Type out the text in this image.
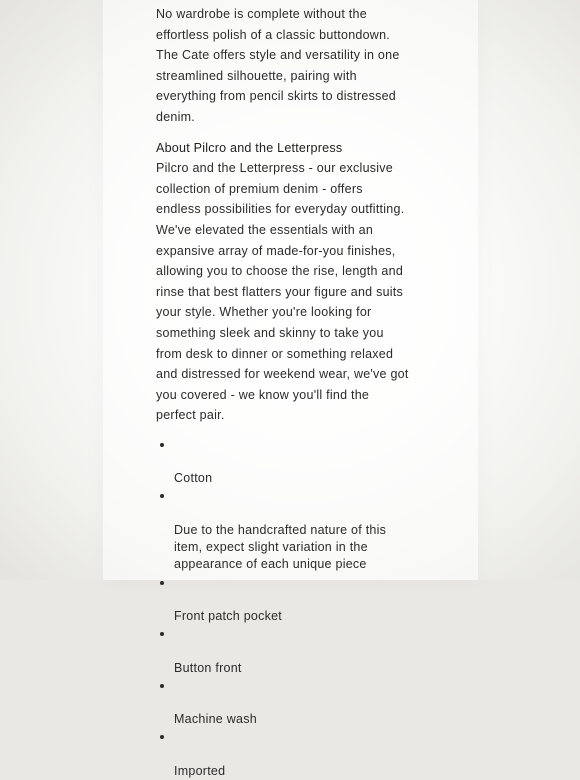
No wardrobe is complete without the
effortless polish of a classic buttondown.
The Cate offers style and versatility in one
streamlined silhouette, pairing with
everything from pencil skirts to distressed
denim.

About Pilcro and the Letterpress

Pilcro and the Letterpress - our exclusive
collection of premium denim - offers
endless possibilities for everyday outfitting.
We've elevated the essentials with an
expansive array of made-for-you finishes,
allowing you to choose the rise, length and
rinse that best flatters your figure and suits
your style. Whether you're looking for
something sleek and skinny to take you
from desk to dinner or something relaxed
and distressed for weekend wear, we've got
you covered - we know you'll find the
perfect pair.

Cotton

Due to the handcrafted nature of this
item, expect slight variation in the
appearance of each unique piece

Front patch pocket

Button front

Machine wash

Imported
